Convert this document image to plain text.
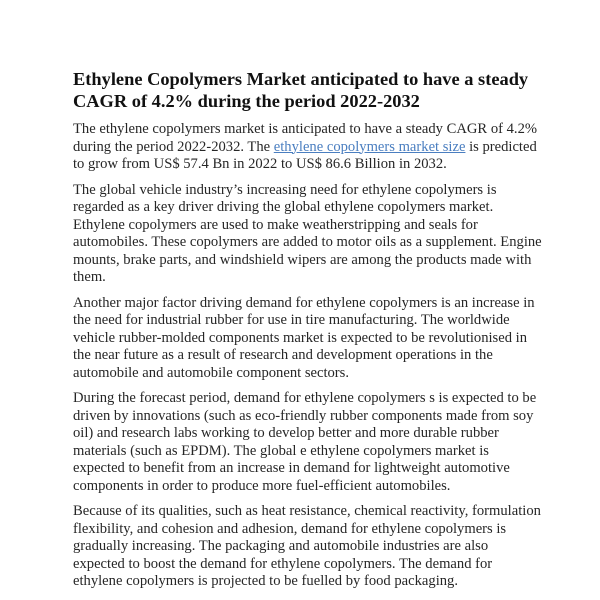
Ethylene Copolymers Market anticipated to have a steady CAGR of 4.2% during the period 2022-2032

The ethylene copolymers market is anticipated to have a steady CAGR of 4.2% during the period 2022-2032. The ethylene copolymers market size is predicted to grow from US$ 57.4 Bn in 2022 to US$ 86.6 Billion in 2032.

The global vehicle industry’s increasing need for ethylene copolymers is regarded as a key driver driving the global ethylene copolymers market. Ethylene copolymers are used to make weatherstripping and seals for automobiles. These copolymers are added to motor oils as a supplement. Engine mounts, brake parts, and windshield wipers are among the products made with them.

Another major factor driving demand for ethylene copolymers is an increase in the need for industrial rubber for use in tire manufacturing. The worldwide vehicle rubber-molded components market is expected to be revolutionised in the near future as a result of research and development operations in the automobile and automobile component sectors.

During the forecast period, demand for ethylene copolymers s is expected to be driven by innovations (such as eco-friendly rubber components made from soy oil) and research labs working to develop better and more durable rubber materials (such as EPDM). The global e ethylene copolymers market is expected to benefit from an increase in demand for lightweight automotive components in order to produce more fuel-efficient automobiles.

Because of its qualities, such as heat resistance, chemical reactivity, formulation flexibility, and cohesion and adhesion, demand for ethylene copolymers is gradually increasing. The packaging and automobile industries are also expected to boost the demand for ethylene copolymers. The demand for ethylene copolymers is projected to be fuelled by food packaging.
